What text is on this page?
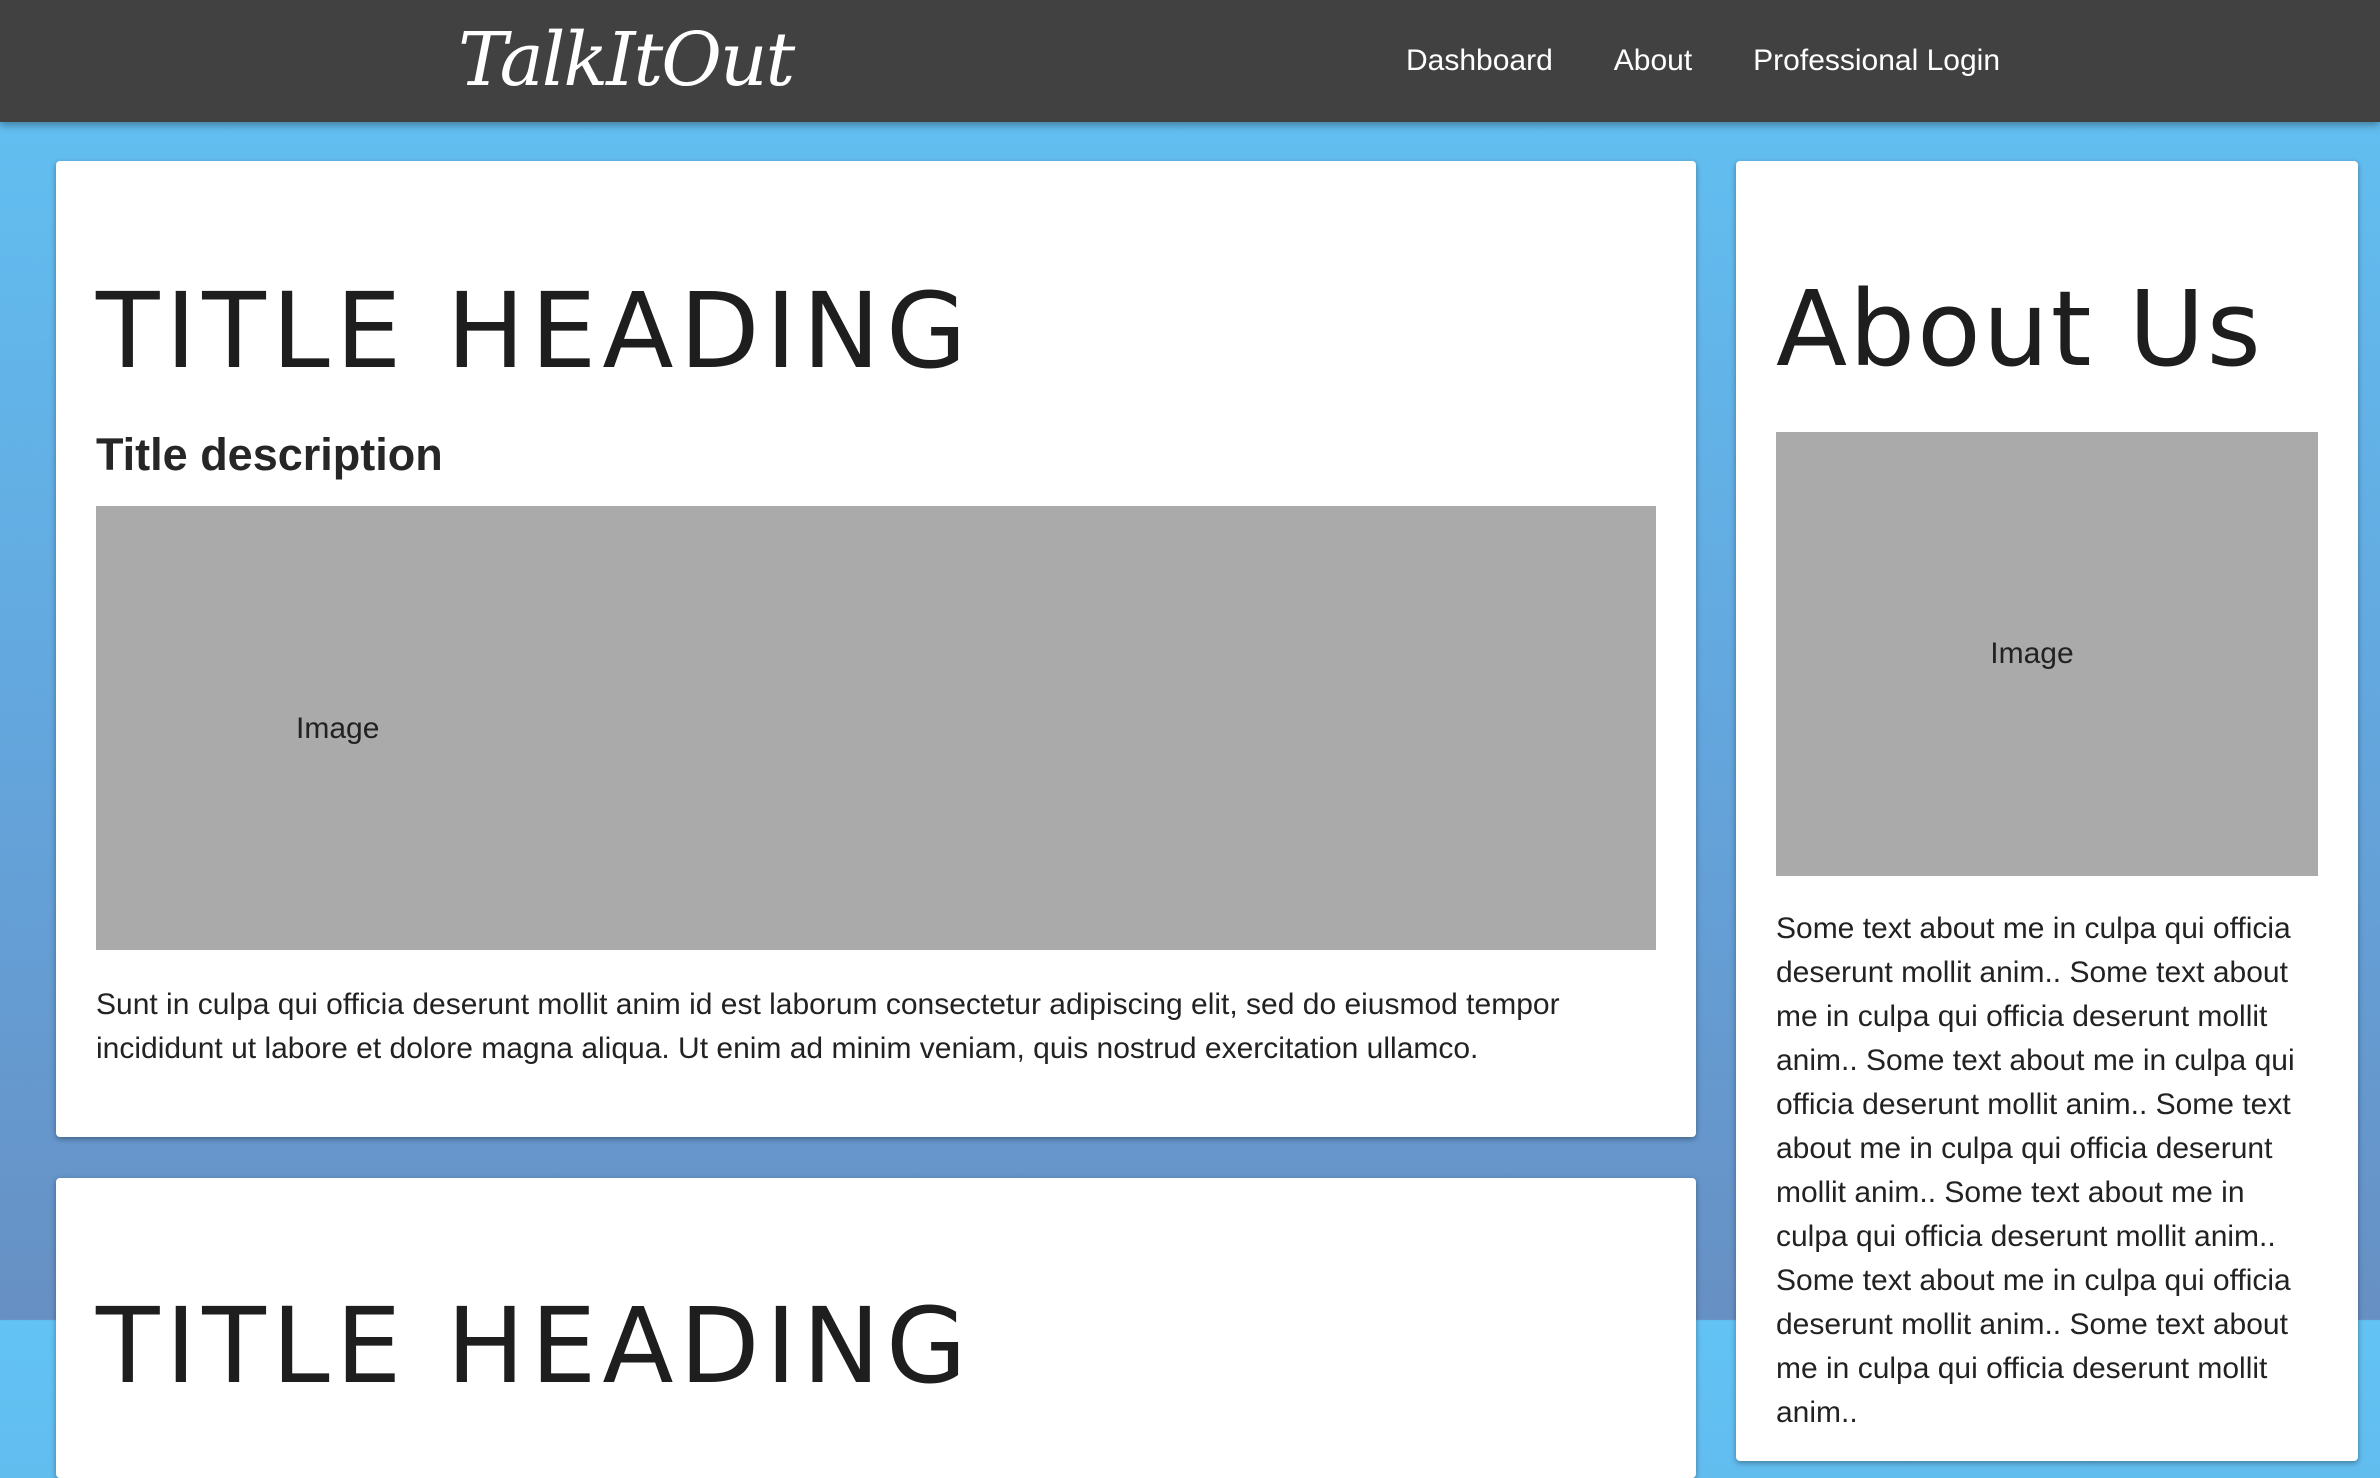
TalkItOut	Dashboard About Professional Login
TITLE HEADING
Title description
Image

Sunt in culpa qui officia deserunt mollit anim id est laborum consectetur adipiscing elit, sed do eiusmod tempor incididunt ut labore et dolore magna aliqua. Ut enim ad minim veniam, quis nostrud exercitation ullamco.

TITLE HEADING
About Us
Image

Some text about me in culpa qui officia deserunt mollit anim.. Some text about me in culpa qui officia deserunt mollit anim.. Some text about me in culpa qui officia deserunt mollit anim.. Some text about me in culpa qui officia deserunt mollit anim.. Some text about me in culpa qui officia deserunt mollit anim.. Some text about me in culpa qui officia deserunt mollit anim.. Some text about me in culpa qui officia deserunt mollit anim..
